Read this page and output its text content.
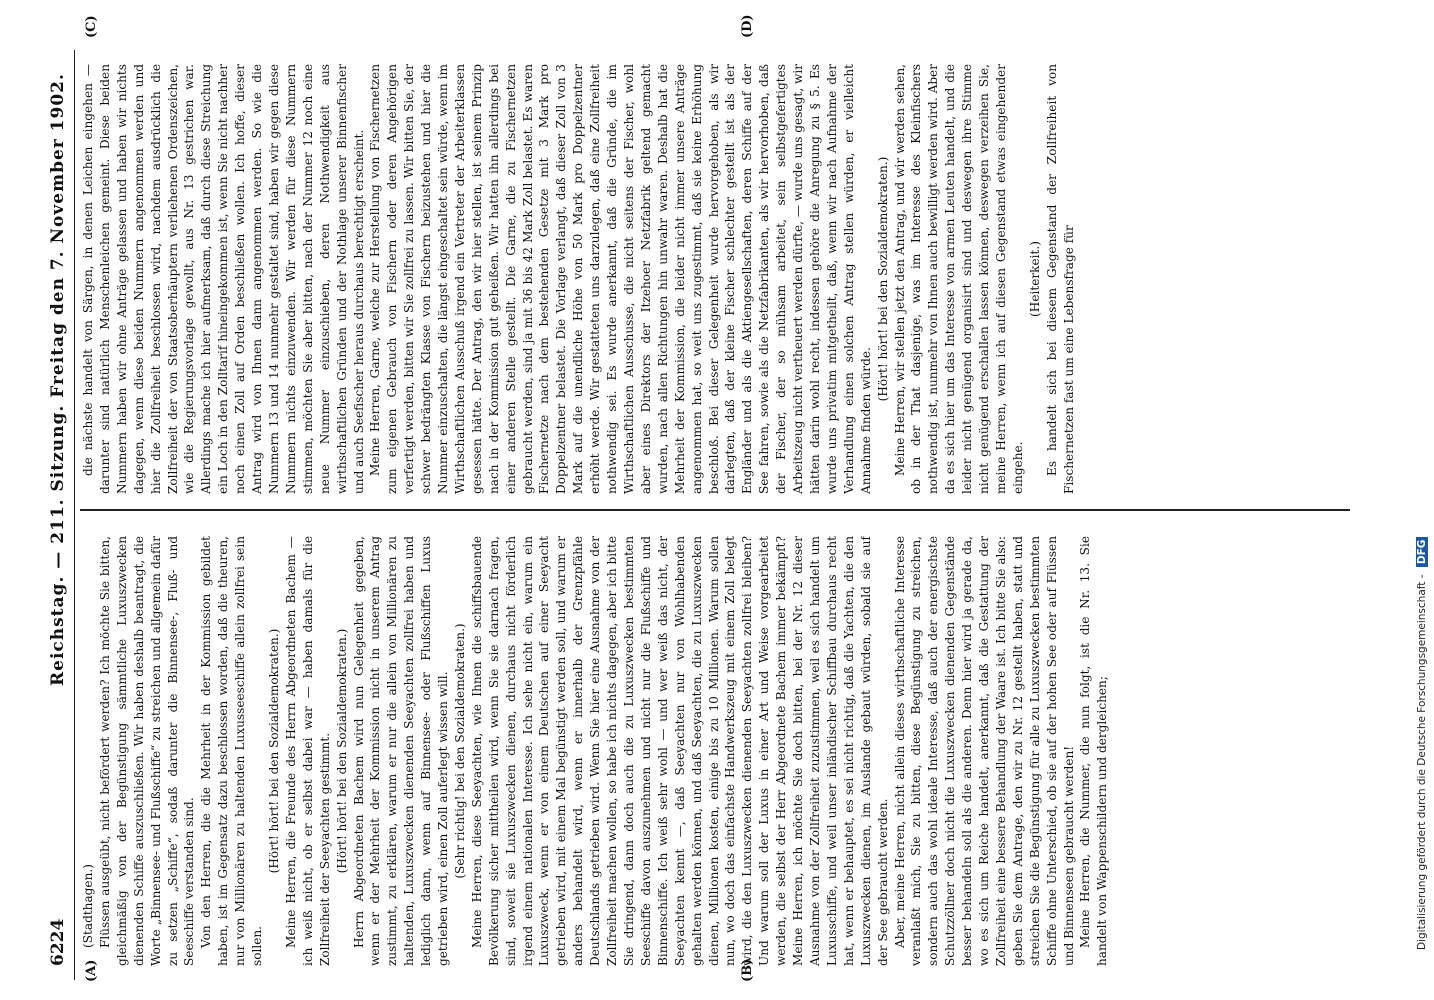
6224
Reichstag. — 211. Sitzung. Freitag den 7. November 1902.
(A)	(B)
(C)	(D)

(Stadthagen.) Flüssen ausgeübt, nicht befördert werden? Ich möchte Sie bitten, gleichmäßig von der Begünstigung sämmtliche Luxuszwecken dienenden Schiffe auszuschließen. Wir haben deshalb beantragt, die Worte „Binnensee- und Flußschiffe“ zu streichen und allgemein dafür zu setzen „Schiffe“, sodaß darunter die Binnensee-, Fluß- und Seeschiffe verstanden sind. Von den Herren, die die Mehrheit in der Kommission gebildet haben, ist im Gegensatz dazu beschlossen worden, daß die theuren, nur von Millionären zu haltenden Luxusseeschiffe allein zollfrei sein sollen.

(Hört! hört! bei den Sozialdemokraten.) Meine Herren, die Freunde des Herrn Abgeordneten Bachem — ich weiß nicht, ob er selbst dabei war — haben damals für die Zollfreiheit der Seeyachten gestimmt. (Hört! hört! bei den Sozialdemokraten.) Herrn Abgeordneten Bachem wird nun Gelegenheit gegeben, wenn er der Mehrheit der Kommission nicht in unserem Antrag zustimmt, zu erklären, warum er nur die allein von Millionären zu haltenden, Luxuszwecken dienenden Seeyachten zollfrei haben und lediglich dann, wenn auf Binnensee- oder Flußschiffen Luxus getrieben wird, einen Zoll auferlegt wissen will. (Sehr richtig! bei den Sozialdemokraten.) Meine Herren, diese Seeyachten, wie Ihnen die schiffsbauende Bevölkerung sicher mittheilen wird, wenn Sie sie darnach fragen, sind, soweit sie Luxuszwecken dienen, durchaus nicht förderlich irgend einem nationalen Interesse. Ich sehe nicht ein, warum ein Luxuszweck, wenn er von einem Deutschen auf einer Seeyacht getrieben wird, mit einem Mal begünstigt werden soll, und warum er anders behandelt wird, wenn er innerhalb der Grenzpfähle Deutschlands getrieben wird. Wenn Sie hier eine Ausnahme von der Zollfreiheit machen wollen, so habe ich nichts dagegen, aber ich bitte Sie dringend, dann doch auch die zu Luxuszwecken bestimmten Seeschiffe davon auszunehmen und nicht nur die Flußschiffe und Binnenschiffe. Ich weiß sehr wohl — und wer weiß das nicht, der Seeyachten kennt —, daß Seeyachten nur von Wohlhabenden gehalten werden können, und daß Seeyachten, die zu Luxuszwecken dienen, Millionen kosten, einige bis zu 10 Millionen. Warum sollen nun, wo doch das einfachste Handwerkszeug mit einem Zoll belegt wird, die den Luxuszwecken dienenden Seeyachten zollfrei bleiben? Und warum soll der Luxus in einer Art und Weise vorgearbeitet werden, die selbst der Herr Abgeordnete Bachem immer bekämpft? Meine Herren, ich möchte Sie doch bitten, bei der Nr. 12 dieser Ausnahme von der Zollfreiheit zuzustimmen, weil es sich handelt um Luxusschiffe, und weil unser inländischer Schiffbau durchaus recht hat, wenn er behauptet, es sei nicht richtig, daß die Yachten, die den Luxuszwecken dienen, im Auslande gebaut würden, sobald sie auf der See gebraucht werden. Aber, meine Herren, nicht allein dieses wirthschaftliche Interesse veranlaßt mich, Sie zu bitten, diese Begünstigung zu streichen, sondern auch das wohl ideale Interesse, daß auch der energischste Schutzzöllner doch nicht die Luxuszwecken dienenden Gegenstände besser behandeln soll als die anderen. Denn hier wird ja gerade da, wo es sich um Reiche handelt, anerkannt, daß die Gestattung der Zollfreiheit eine bessere Behandlung der Waare ist. Ich bitte Sie also: geben Sie dem Antrage, den wir zu Nr. 12 gestellt haben, statt und streichen Sie die Begünstigung für alle zu Luxuszwecken bestimmten Schiffe ohne Unterschied, ob sie auf der hohen See oder auf Flüssen und Binnenseen gebraucht werden! Meine Herren, die Nummer, die nun folgt, ist die Nr. 13. Sie handelt von Wappenschildern und dergleichen;

die nächste handelt von Särgen, in denen Leichen eingehen — darunter sind natürlich Menschenleichen gemeint. Diese beiden Nummern haben wir ohne Anträge gelassen und haben wir nichts dagegen, wenn diese beiden Nummern angenommen werden und hier die Zollfreiheit beschlossen wird, nachdem ausdrücklich die Zollfreiheit der von Staatsoberhäuptern verliehenen Ordenszeichen, wie die Regierungsvorlage gewollt, aus Nr. 13 gestrichen war. Allerdings mache ich hier aufmerksam, daß durch diese Streichung ein Loch in den Zolltarif hineingekommen ist, wenn Sie nicht nachher noch einen Zoll auf Orden beschließen wollen. Ich hoffe, dieser Antrag wird von Ihnen dann angenommen werden. So wie die Nummern 13 und 14 nunmehr gestaltet sind, haben wir gegen diese Nummern nichts einzuwenden. Wir werden für diese Nummern stimmen, möchten Sie aber bitten, nach der Nummer 12 noch eine neue Nummer einzuschieben, deren Nothwendigkeit aus wirthschaftlichen Gründen und der Nothlage unserer Binnenfischer und auch Seefischer heraus durchaus berechtigt erscheint. Meine Herren, Garne, welche zur Herstellung von Fischernetzen zum eigenen Gebrauch von Fischern oder deren Angehörigen verfertigt werden, bitten wir Sie zollfrei zu lassen. Wir bitten Sie, der schwer bedrängten Klasse von Fischern beizustehen und hier die Nummer einzuschalten, die längst eingeschaltet sein würde, wenn im Wirthschaftlichen Ausschuß irgend ein Vertreter der Arbeiterklassen gesessen hätte. Der Antrag, den wir hier stellen, ist seinem Prinzip nach in der Kommission gut geheißen. Wir hatten ihn allerdings bei einer anderen Stelle gestellt. Die Garne, die zu Fischernetzen gebraucht werden, sind ja mit 36 bis 42 Mark Zoll belastet. Es waren Fischernetze nach dem bestehenden Gesetze mit 3 Mark pro Doppelzentner belastet. Die Vorlage verlangt, daß dieser Zoll von 3 Mark auf die unendliche Höhe von 50 Mark pro Doppelzentner erhöht werde. Wir gestatteten uns darzulegen, daß eine Zollfreiheit nothwendig sei. Es wurde anerkannt, daß die Gründe, die im Wirthschaftlichen Ausschusse, die nicht seitens der Fischer, wohl aber eines Direktors der Itzehoer Netzfabrik geltend gemacht wurden, nach allen Richtungen hin unwahr waren. Deshalb hat die Mehrheit der Kommission, die leider nicht immer unsere Anträge angenommen hat, so weit uns zugestimmt, daß sie keine Erhöhung beschloß. Bei dieser Gelegenheit wurde hervorgehoben, als wir darlegten, daß der kleine Fischer schlechter gestellt ist als der Engländer und als die Aktiengesellschaften, deren Schiffe auf der See fahren, sowie als die Netzfabrikanten, als wir hervorhoben, daß der Fischer, der so mühsam arbeitet, sein selbstgefertigtes Arbeitszeug nicht vertheuert werden dürfte, — wurde uns gesagt, wir hätten darin wohl recht, indessen gehöre die Anregung zu § 5. Es wurde uns privatim mitgetheilt, daß, wenn wir nach Aufnahme der Verhandlung einen solchen Antrag stellen würden, er vielleicht Annahme finden würde.

(Hört! hört! bei den Sozialdemokraten.) Meine Herren, wir stellen jetzt den Antrag, und wir werden sehen, ob in der That dasjenige, was im Interesse des Kleinfischers nothwendig ist, nunmehr von Ihnen auch bewilligt werden wird. Aber da es sich hier um das Interesse von armen Leuten handelt, und die leider nicht genügend organisirt sind und deswegen ihre Stimme nicht genügend erschallen lassen können, deswegen verzeihen Sie, meine Herren, wenn ich auf diesen Gegenstand etwas eingehender eingehe.

(Heiterkeit.) Es handelt sich bei diesem Gegenstand der Zollfreiheit von Fischernetzen fast um eine Lebensfrage für

Digitalisierung gefördert durch die Deutsche Forschungsgemeinschaft - DFG
